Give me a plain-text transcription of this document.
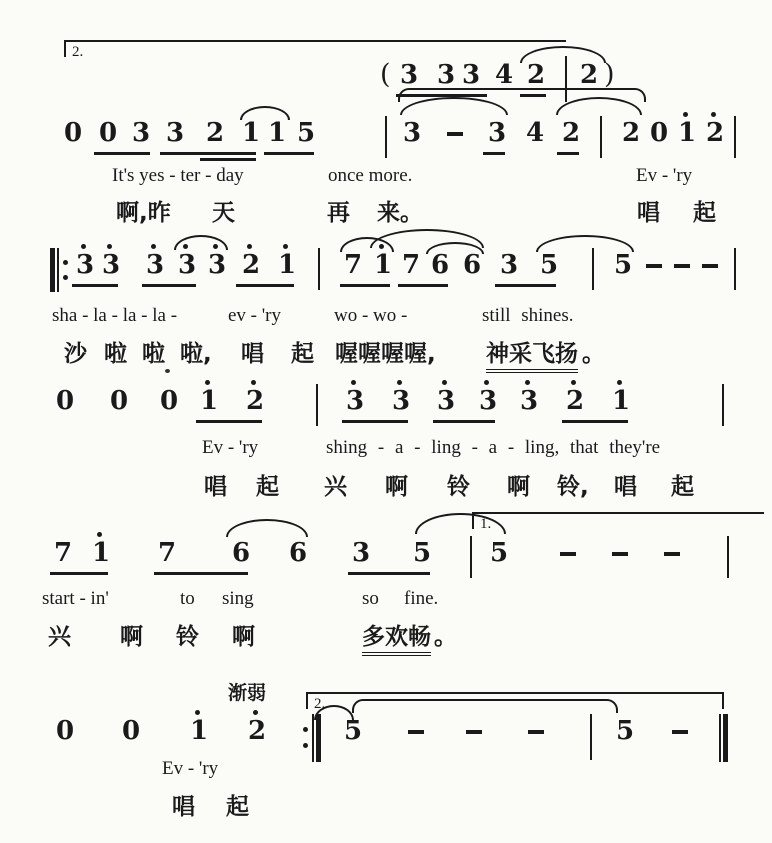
3 3 3 4 2 2
0 0 3 3 2 1 1 5	3	3 4 2 2 0 1 2
3 3 3 3 3 2 1 7 1 7 6 6 3 5 5
0 0 0 1 2	3 3 3 3 3 2 1
7 1 7 6 6 3 5 5
0 0 1 2	5	5
(	)
2.
1.
2.
It's yes - ter - day	once more.	Ev - 'ry
啊,昨 天	再 来。	唱 起
sha - la - la - la -	ev - 'ry	wo - wo -	still shines.
沙 啦 啦 啦, 唱 起 喔喔喔喔, 神采飞扬 。
Ev - 'ry	shing - a - ling - a - ling, that they're
唱 起 兴 啊 铃 啊 铃, 唱 起
start - in'	to sing	so fine.
兴 啊 铃 啊	多欢畅 。
渐弱
Ev - 'ry
唱 起
